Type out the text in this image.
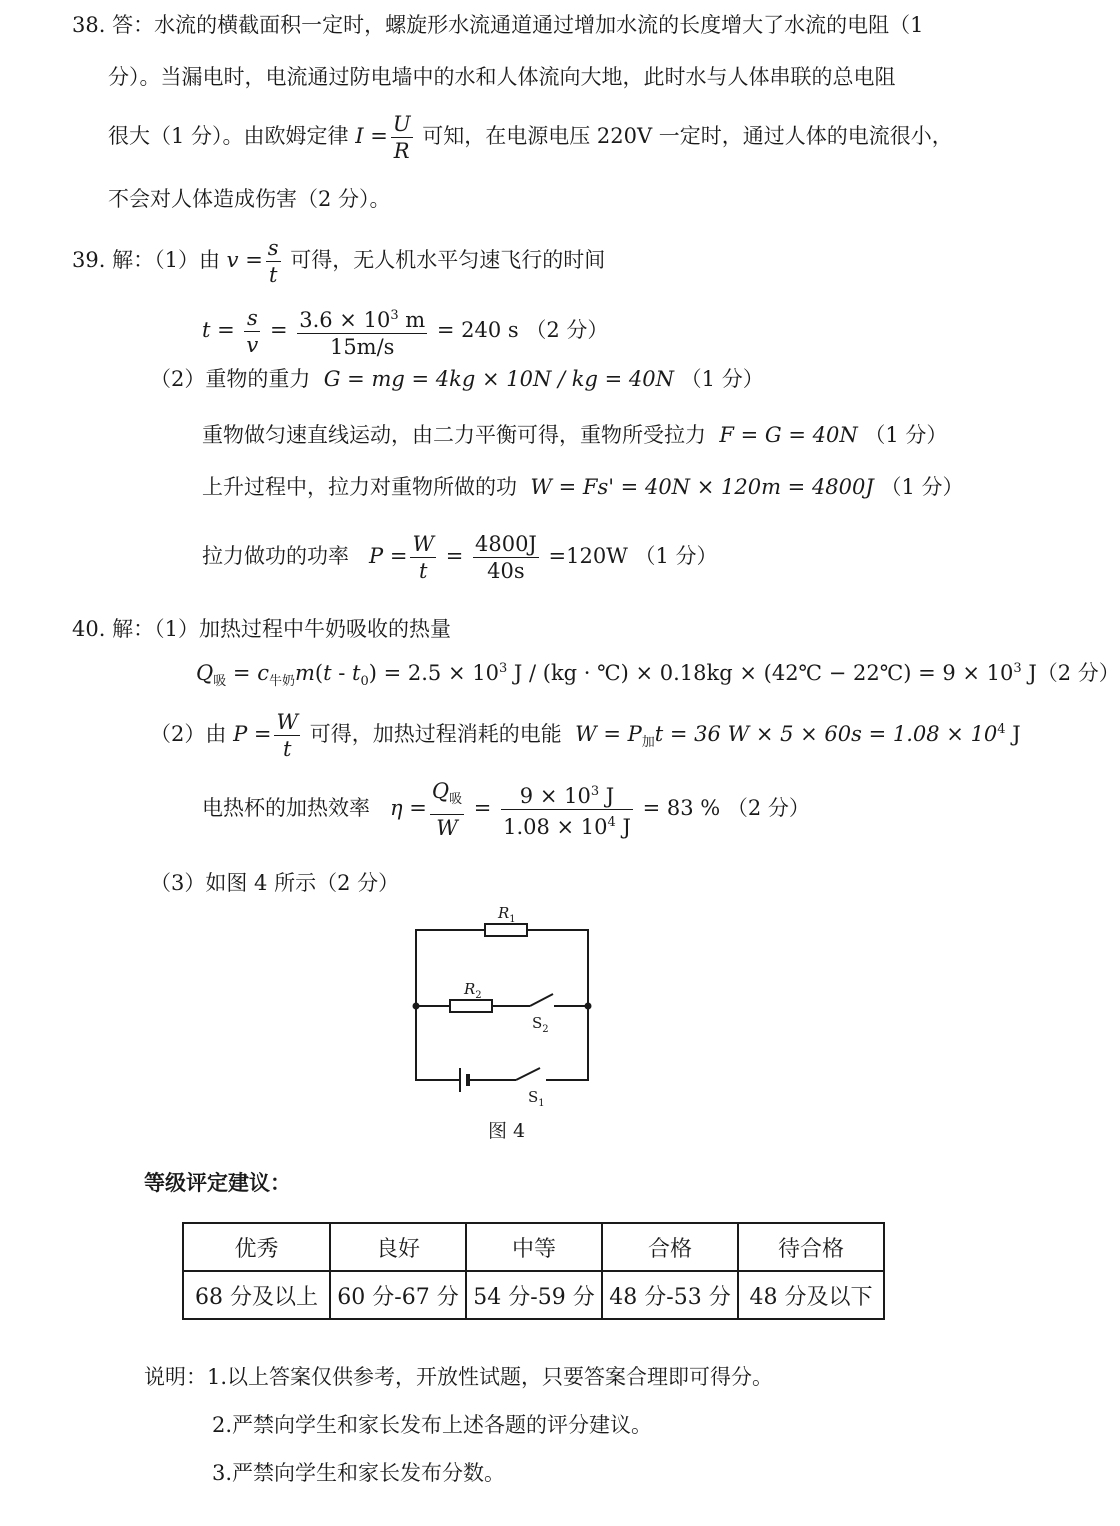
38. 答：水流的横截面积一定时，螺旋形水流通道通过增加水流的长度增大了水流的电阻（1
分）。当漏电时，电流通过防电墙中的水和人体流向大地，此时水与人体串联的总电阻
很大（1 分）。由欧姆定律 $I = \frac{U}{R}$ 可知，在电源电压 220V 一定时，通过人体的电流很小，
不会对人体造成伤害（2 分）。
39. 解：（1）由 $v = \frac{s}{t}$ 可得，无人机水平匀速飞行的时间
$t = \frac{s}{v} = \frac{3.6 \times 10^3 m}{15m/s} = 240$ s （2 分）
（2）重物的重力 G = mg = 4kg × 10N / kg = 40N （1 分）
重物做匀速直线运动，由二力平衡可得，重物所受拉力 F = G = 40N （1 分）
上升过程中，拉力对重物所做的功 W = Fs' = 40N × 120m = 4800J （1 分）
拉力做功的功率 $P = \frac{W}{t} = \frac{4800J}{40s} =120W$ （1 分）
40. 解：（1）加热过程中牛奶吸收的热量
$Q_吸 = c_{牛奶}m(t - t_0) = 2.5 \times 10^3$ J / (kg · ℃) × 0.18kg × (42℃ − 22℃) = $9 \times 10^3$ J（2 分）
（2）由 $P = \frac{W}{t}$ 可得，加热过程消耗的电能 $W = P_加t = 36$ $W \times 5 \times 60s = 1.08 \times 10^4$ J
电热杯的加热效率 $\eta = \frac{Q_吸}{W} = \frac{9 \times 10^3 J}{1.08 \times 10^4 J} = 83$ % （2 分）
（3）如图 4 所示（2 分）
$R_1$
$R_2$
$S_2$
$S_1$
图 4
等级评定建议：
优秀	良好	中等	合格	待合格
68 分及以上	60 分-67 分	54 分-59 分	48 分-53 分	48 分及以下
说明：1.以上答案仅供参考，开放性试题，只要答案合理即可得分。
2.严禁向学生和家长发布上述各题的评分建议。
3.严禁向学生和家长发布分数。
